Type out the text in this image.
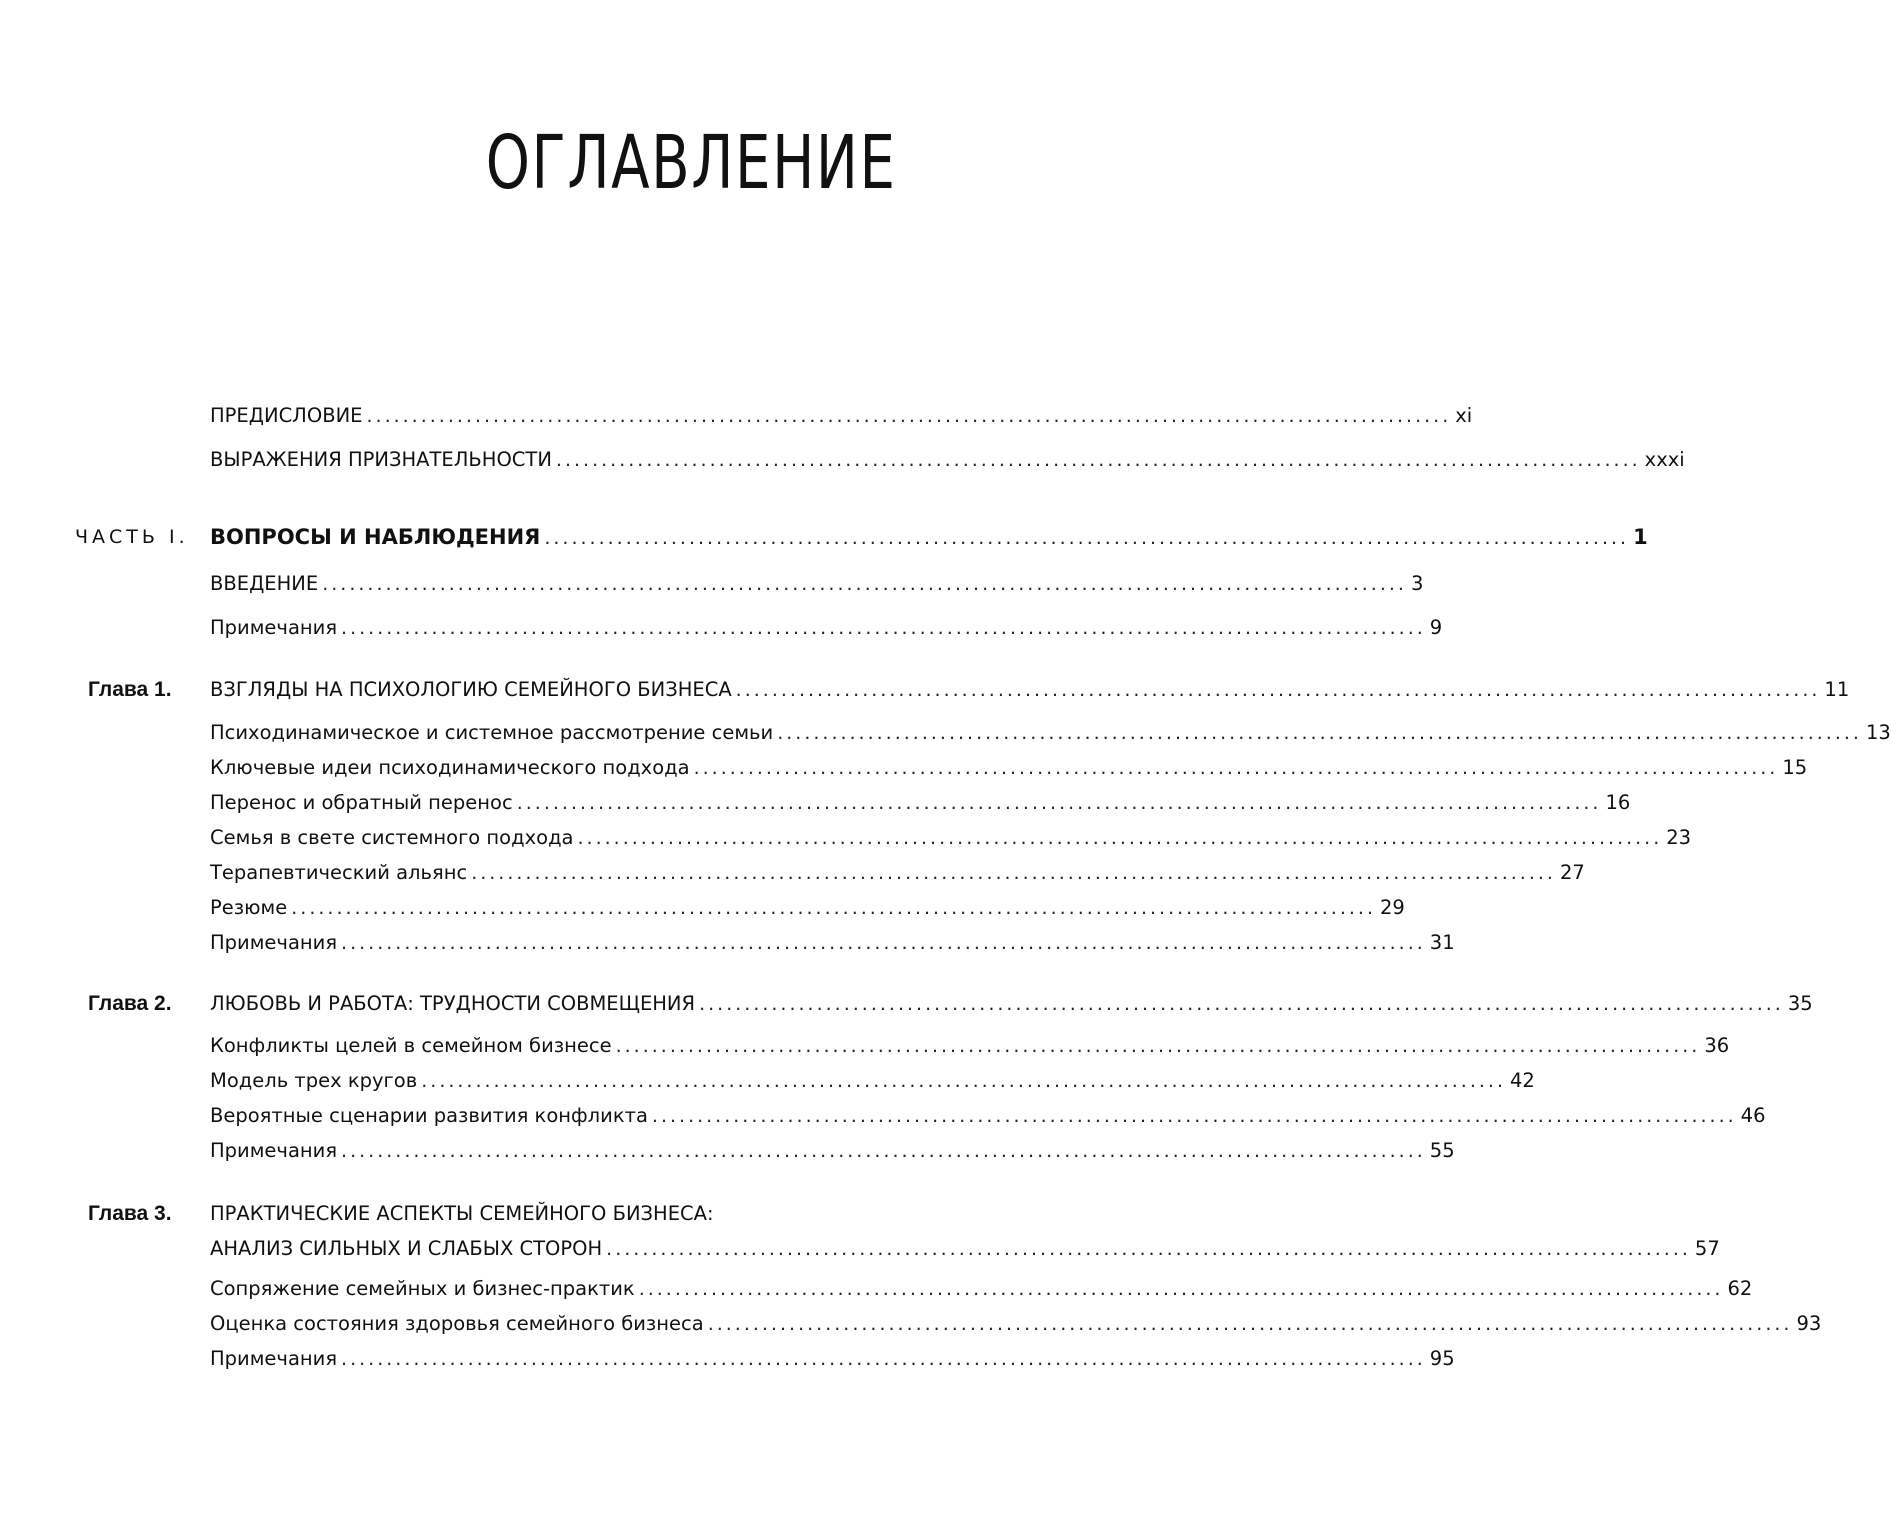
ОГЛАВЛЕНИЕ
ПРЕДИСЛОВИЕ ........................................................................................................................ xi
ВЫРАЖЕНИЯ ПРИЗНАТЕЛЬНОСТИ ........................................................................................................................ xxxi
ЧАСТЬ I. ВОПРОСЫ И НАБЛЮДЕНИЯ ........................................................................................................................ 1
ВВЕДЕНИЕ ........................................................................................................................ 3
Примечания ........................................................................................................................ 9
Глава 1. ВЗГЛЯДЫ НА ПСИХОЛОГИЮ СЕМЕЙНОГО БИЗНЕСА ........................................................................................................................ 11
Психодинамическое и системное рассмотрение семьи ........................................................................................................................ 13
Ключевые идеи психодинамического подхода ........................................................................................................................ 15
Перенос и обратный перенос ........................................................................................................................ 16
Семья в свете системного подхода ........................................................................................................................ 23
Терапевтический альянс ........................................................................................................................ 27
Резюме ........................................................................................................................ 29
Примечания ........................................................................................................................ 31
Глава 2. ЛЮБОВЬ И РАБОТА: ТРУДНОСТИ СОВМЕЩЕНИЯ ........................................................................................................................ 35
Конфликты целей в семейном бизнесе ........................................................................................................................ 36
Модель трех кругов ........................................................................................................................ 42
Вероятные сценарии развития конфликта ........................................................................................................................ 46
Примечания ........................................................................................................................ 55
Глава 3. ПРАКТИЧЕСКИЕ АСПЕКТЫ СЕМЕЙНОГО БИЗНЕСА:
АНАЛИЗ СИЛЬНЫХ И СЛАБЫХ СТОРОН ........................................................................................................................ 57
Сопряжение семейных и бизнес-практик ........................................................................................................................ 62
Оценка состояния здоровья семейного бизнеса ........................................................................................................................ 93
Примечания ........................................................................................................................ 95
